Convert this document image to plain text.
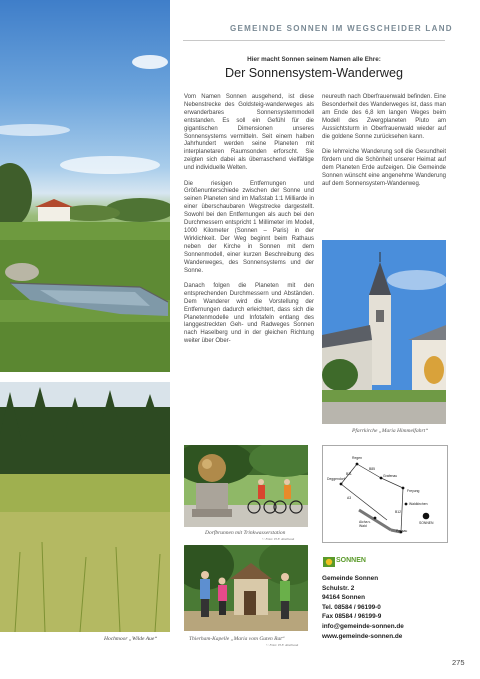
Hochmoor „Wilde Aue“
GEMEINDE SONNEN IM WEGSCHEIDER LAND
Hier macht Sonnen seinem Namen alle Ehre:
Der Sonnensystem-Wanderweg

Vom Namen Sonnen ausgehend, ist diese Nebenstrecke des Goldsteig-wanderweges als erwanderbares Sonnensystemmodell entstanden. Es soll ein Gefühl für die gigantischen Dimensionen unseres Sonnensystems vermitteln. Seit einem halben Jahrhundert werden seine Planeten mit interplanetaren Raumsonden erforscht. Sie zeigten sich dabei als überraschend vielfältige und individuelle Welten.

Die riesigen Entfernungen und Größenunterschiede zwischen der Sonne und seinen Planeten sind im Maßstab 1:1 Milliarde in einer überschaubaren Wegstrecke dargestellt. Sowohl bei den Entfernungen als auch bei den Durchmessern entspricht 1 Millimeter im Modell, 1000 Kilometer (Sonnen – Paris) in der Wirklichkeit. Der Weg beginnt beim Rathaus neben der Kirche in Sonnen mit dem Sonnenmodell, einer kurzen Beschreibung des Wanderweges, des Sonnensystems und der Sonne.

Danach folgen die Planeten mit den entsprechenden Durchmessern und Abständen. Dem Wanderer wird die Vorstellung der Entfernungen dadurch erleichtert, dass sich die Planetenmodelle und Infotafeln entlang des langgestreckten Geh- und Radweges Sonnen nach Haselberg und in der gleichen Richtung weiter über Ober-

neureuth nach Oberfrauenwald befinden. Eine Besonderheit des Wanderweges ist, dass man am Ende des 6,8 km langen Weges beim Modell des Zwergplaneten Pluto am Aussichtsturm in Oberfrauenwald wieder auf die goldene Sonne zurücksehen kann.

Die lehrreiche Wanderung soll die Gesundheit fördern und die Schönheit unserer Heimat auf dem Planeten Erde aufzeigen. Die Gemeinde Sonnen wünscht eine angenehme Wanderung auf dem Sonnensystem-Wanderweg.

Pfarrkirche „Maria Himmelfahrt“
Dorfbrunnen mit Trinkwasserstation
© Foto: H.F. Abelhauk
Regen
Grafenau
Deggendorf
Freyung
Waldkirchen
Aicha v. Wald
SONNEN
Passau
A3
B12
B85
B11
Thierham-Kapelle „Maria vom Guten Rat“
© Foto: H.F. Abelhauk
SONNEN
Gemeinde Sonnen
Schulstr. 2
94164 Sonnen
Tel. 08584 / 96199-0
Fax 08584 / 96199-9
info@gemeinde-sonnen.de
www.gemeinde-sonnen.de
275
